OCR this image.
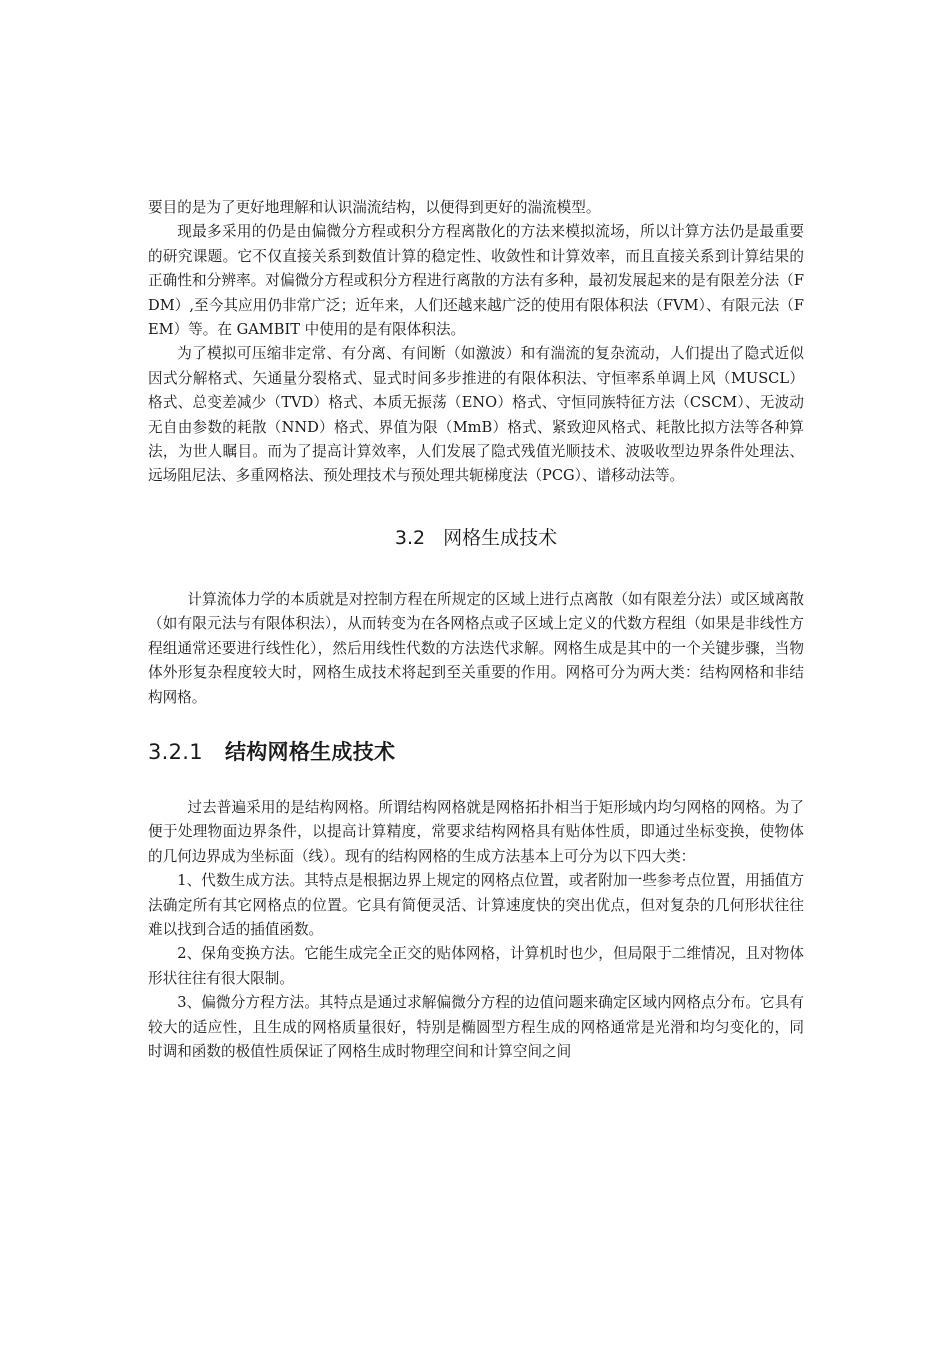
要目的是为了更好地理解和认识湍流结构，以便得到更好的湍流模型。

现最多采用的仍是由偏微分方程或积分方程离散化的方法来模拟流场，所以计算方法仍是最重要的研究课题。它不仅直接关系到数值计算的稳定性、收敛性和计算效率，而且直接关系到计算结果的正确性和分辨率。对偏微分方程或积分方程进行离散的方法有多种，最初发展起来的是有限差分法（FDM）,至今其应用仍非常广泛；近年来，人们还越来越广泛的使用有限体积法（FVM）、有限元法（FEM）等。在 GAMBIT 中使用的是有限体积法。

为了模拟可压缩非定常、有分离、有间断（如激波）和有湍流的复杂流动，人们提出了隐式近似因式分解格式、矢通量分裂格式、显式时间多步推进的有限体积法、守恒率系单调上风（MUSCL）格式、总变差减少（TVD）格式、本质无振荡（ENO）格式、守恒同族特征方法（CSCM）、无波动无自由参数的耗散（NND）格式、界值为限（MmB）格式、紧致迎风格式、耗散比拟方法等各种算法，为世人瞩目。而为了提高计算效率，人们发展了隐式残值光顺技术、波吸收型边界条件处理法、远场阻尼法、多重网格法、预处理技术与预处理共轭梯度法（PCG）、谱移动法等。

3.2 网格生成技术

计算流体力学的本质就是对控制方程在所规定的区域上进行点离散（如有限差分法）或区域离散（如有限元法与有限体积法），从而转变为在各网格点或子区域上定义的代数方程组（如果是非线性方程组通常还要进行线性化），然后用线性代数的方法迭代求解。网格生成是其中的一个关键步骤，当物体外形复杂程度较大时，网格生成技术将起到至关重要的作用。网格可分为两大类：结构网格和非结构网格。

3.2.1 结构网格生成技术

过去普遍采用的是结构网格。所谓结构网格就是网格拓扑相当于矩形域内均匀网格的网格。为了便于处理物面边界条件，以提高计算精度，常要求结构网格具有贴体性质，即通过坐标变换，使物体的几何边界成为坐标面（线）。现有的结构网格的生成方法基本上可分为以下四大类：

1、代数生成方法。其特点是根据边界上规定的网格点位置，或者附加一些参考点位置，用插值方法确定所有其它网格点的位置。它具有简便灵活、计算速度快的突出优点，但对复杂的几何形状往往难以找到合适的插值函数。

2、保角变换方法。它能生成完全正交的贴体网格，计算机时也少，但局限于二维情况，且对物体形状往往有很大限制。

3、偏微分方程方法。其特点是通过求解偏微分方程的边值问题来确定区域内网格点分布。它具有较大的适应性，且生成的网格质量很好，特别是椭圆型方程生成的网格通常是光滑和均匀变化的，同时调和函数的极值性质保证了网格生成时物理空间和计算空间之间
